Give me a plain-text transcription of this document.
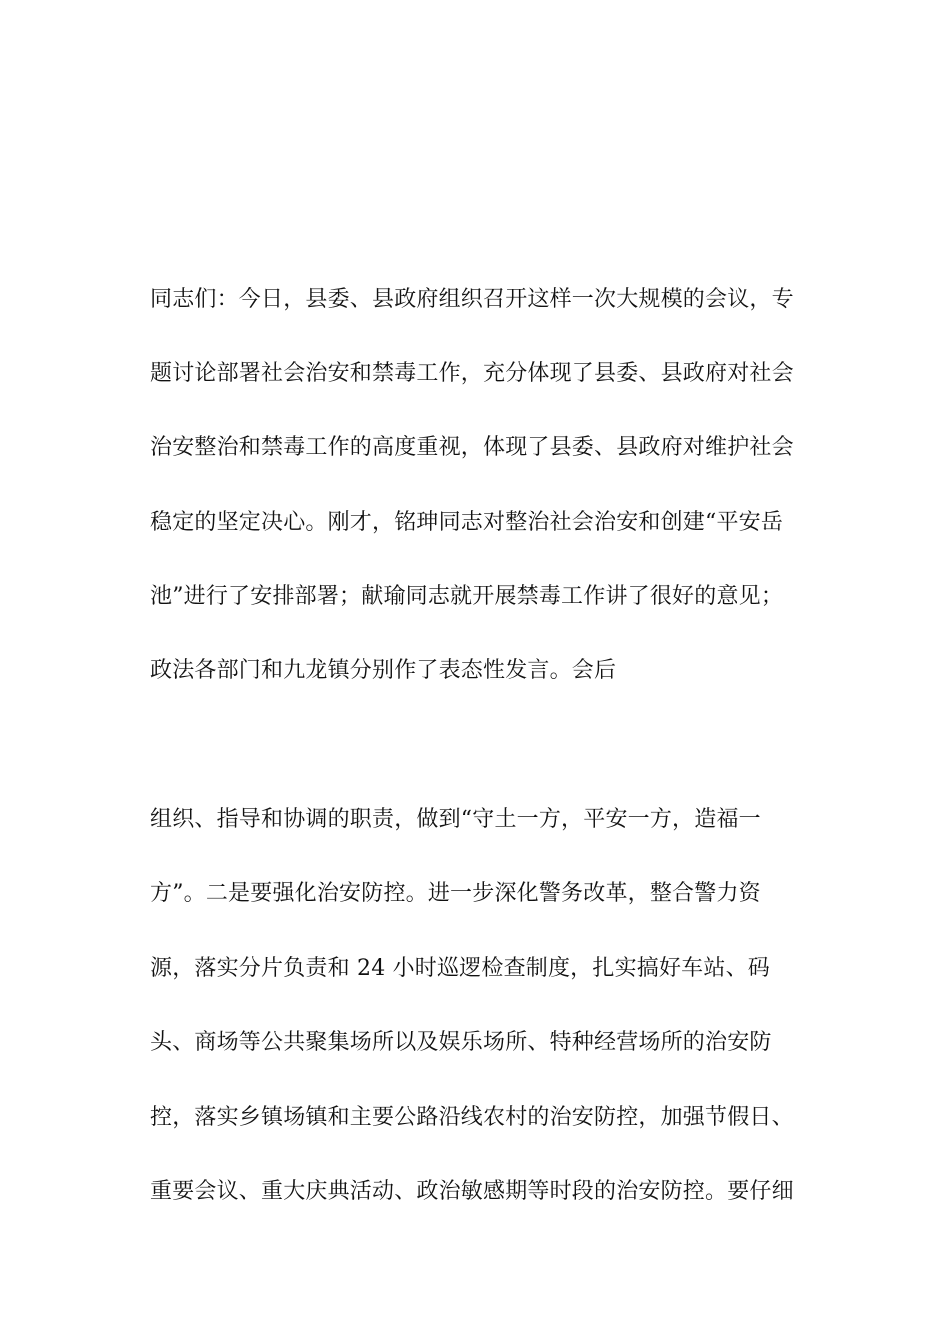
同志们：今日，县委、县政府组织召开这样一次大规模的会议，专
题讨论部署社会治安和禁毒工作，充分体现了县委、县政府对社会
治安整治和禁毒工作的高度重视，体现了县委、县政府对维护社会
稳定的坚定决心。刚才，铭珅同志对整治社会治安和创建“平安岳
池”进行了安排部署；献瑜同志就开展禁毒工作讲了很好的意见；
政法各部门和九龙镇分别作了表态性发言。会后
组织、指导和协调的职责，做到“守土一方，平安一方，造福一
方”。二是要强化治安防控。进一步深化警务改革，整合警力资
源，落实分片负责和 24 小时巡逻检查制度，扎实搞好车站、码
头、商场等公共聚集场所以及娱乐场所、特种经营场所的治安防
控，落实乡镇场镇和主要公路沿线农村的治安防控，加强节假日、
重要会议、重大庆典活动、政治敏感期等时段的治安防控。要仔细
